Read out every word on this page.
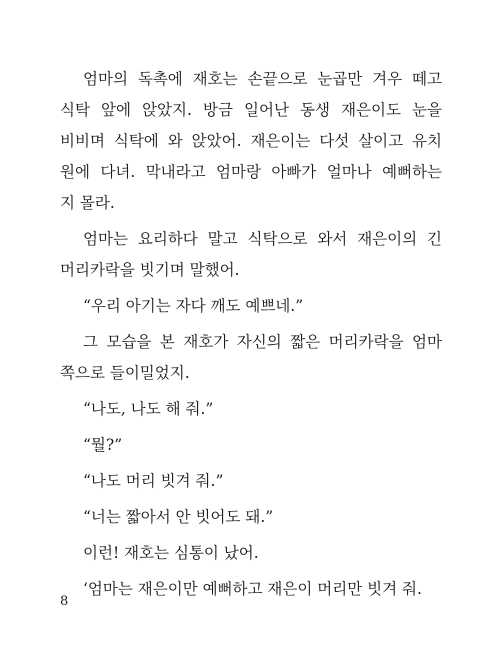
엄마의 독촉에 재호는 손끝으로 눈곱만 겨우 떼고
식탁 앞에 앉았지. 방금 일어난 동생 재은이도 눈을
비비며 식탁에 와 앉았어. 재은이는 다섯 살이고 유치
원에 다녀. 막내라고 엄마랑 아빠가 얼마나 예뻐하는
지 몰라.

엄마는 요리하다 말고 식탁으로 와서 재은이의 긴
머리카락을 빗기며 말했어.

“우리 아기는 자다 깨도 예쁘네.”

그 모습을 본 재호가 자신의 짧은 머리카락을 엄마
쪽으로 들이밀었지.

“나도, 나도 해 줘.”

“뭘?”

“나도 머리 빗겨 줘.”

“너는 짧아서 안 빗어도 돼.”

이런! 재호는 심통이 났어.

‘엄마는 재은이만 예뻐하고 재은이 머리만 빗겨 줘.

8
